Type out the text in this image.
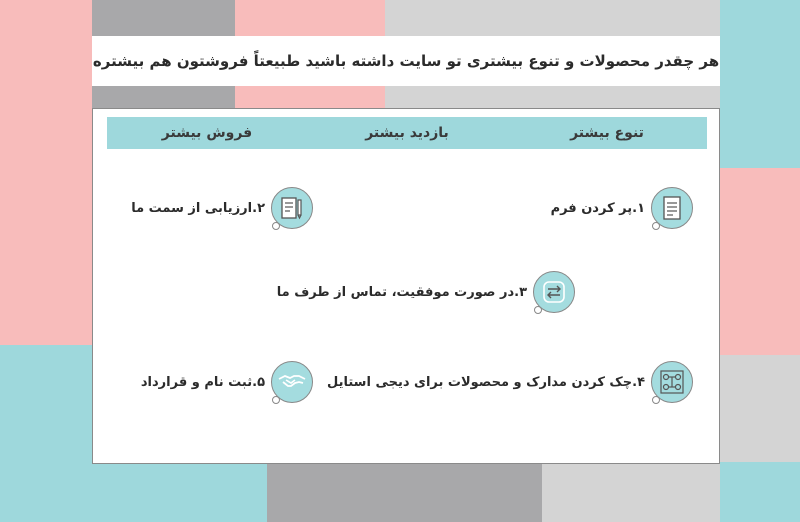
هر چقدر محصولات و تنوع بیشتری تو سایت داشته باشید طبیعتاً فروشتون هم بیشتره
تنوع بیشتر
بازدید بیشتر
فروش بیشتر
۱.پر کردن فرم
۲.ارزیابی از سمت ما
۳.در صورت موفقیت، تماس از طرف ما
۴.چک کردن مدارک و محصولات برای دیجی استایل
۵.ثبت نام و قرارداد
